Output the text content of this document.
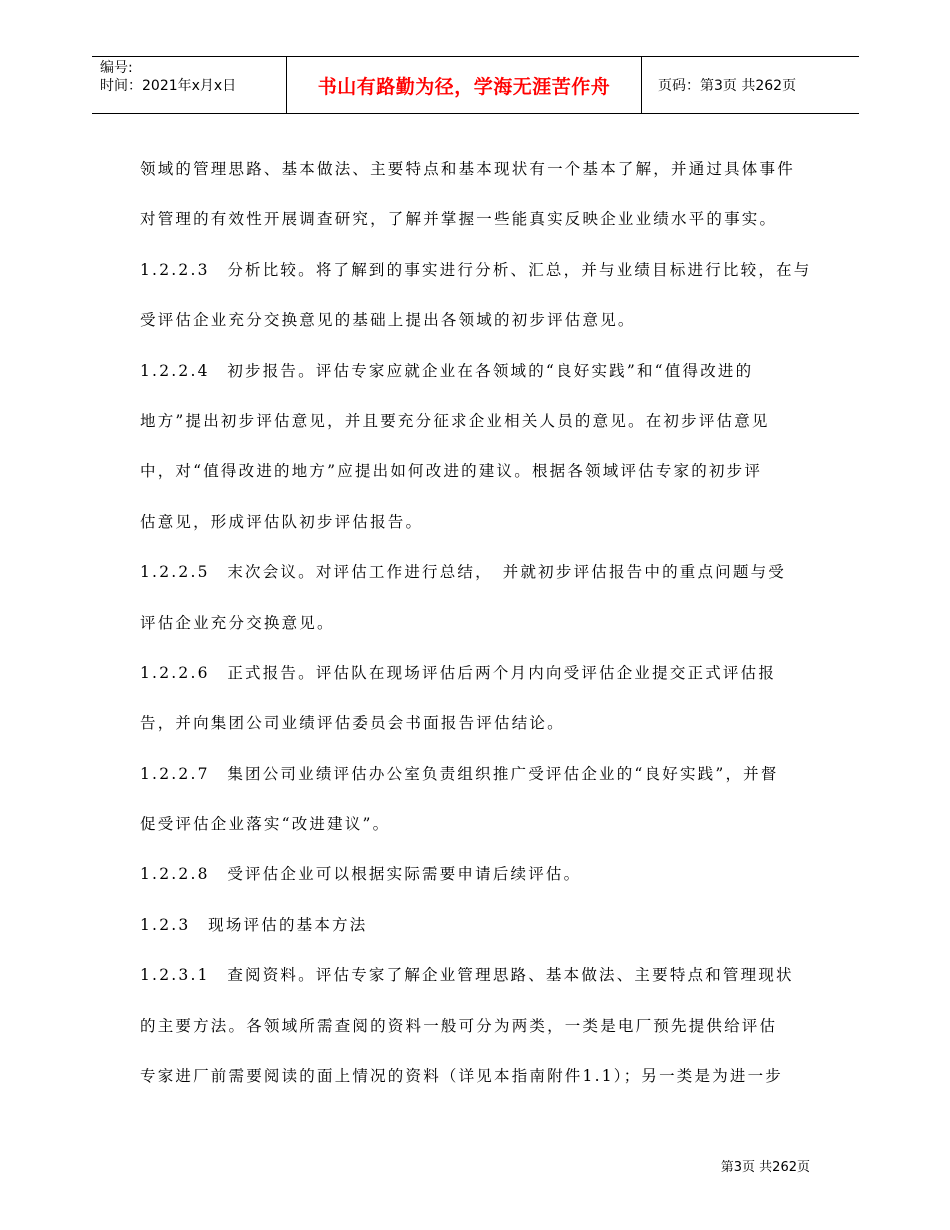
编号:
时间：2021年x月x日	书山有路勤为径，学海无涯苦作舟	页码：第3页 共262页
领域的管理思路、基本做法、主要特点和基本现状有一个基本了解，并通过具体事件
对管理的有效性开展调查研究，了解并掌握一些能真实反映企业业绩水平的事实。
1.2.2.3　分析比较。将了解到的事实进行分析、汇总，并与业绩目标进行比较，在与
受评估企业充分交换意见的基础上提出各领域的初步评估意见。
1.2.2.4　初步报告。评估专家应就企业在各领域的“良好实践”和“值得改进的
地方”提出初步评估意见，并且要充分征求企业相关人员的意见。在初步评估意见
中，对“值得改进的地方”应提出如何改进的建议。根据各领域评估专家的初步评
估意见，形成评估队初步评估报告。
1.2.2.5　末次会议。对评估工作进行总结，　并就初步评估报告中的重点问题与受
评估企业充分交换意见。
1.2.2.6　正式报告。评估队在现场评估后两个月内向受评估企业提交正式评估报
告，并向集团公司业绩评估委员会书面报告评估结论。
1.2.2.7　集团公司业绩评估办公室负责组织推广受评估企业的“良好实践”，并督
促受评估企业落实“改进建议”。
1.2.2.8　受评估企业可以根据实际需要申请后续评估。
1.2.3　现场评估的基本方法
1.2.3.1　查阅资料。评估专家了解企业管理思路、基本做法、主要特点和管理现状
的主要方法。各领域所需查阅的资料一般可分为两类，一类是电厂预先提供给评估
专家进厂前需要阅读的面上情况的资料（详见本指南附件1.1）；另一类是为进一步
第3页 共262页
